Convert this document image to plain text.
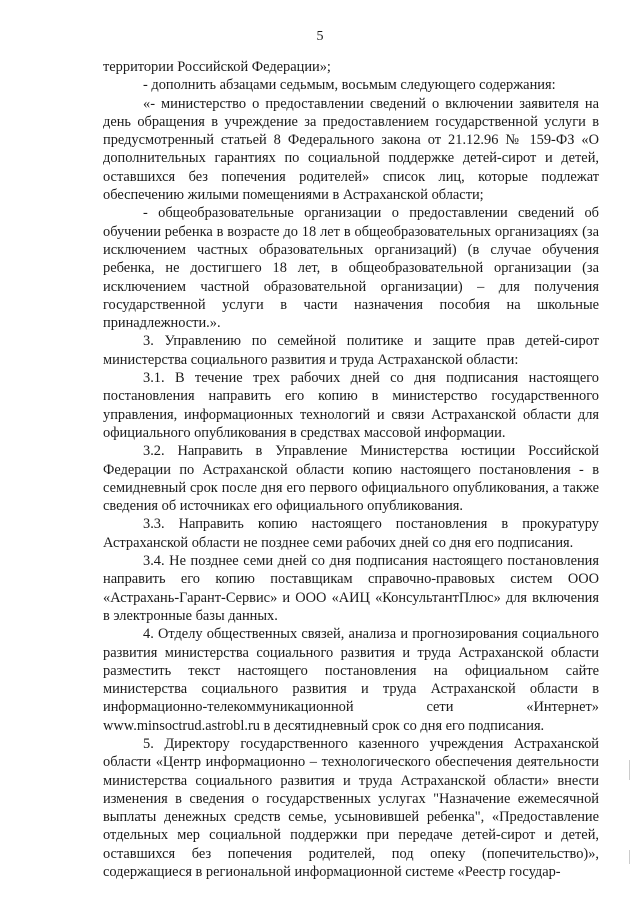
5

территории Российской Федерации»;

- дополнить абзацами седьмым, восьмым следующего содержания:

«- министерство о предоставлении сведений о включении заявителя на день обращения в учреждение за предоставлением государственной услуги в предусмотренный статьей 8 Федерального закона от 21.12.96 № 159-ФЗ «О дополнительных гарантиях по социальной поддержке детей-сирот и детей, оставшихся без попечения родителей» список лиц, которые подлежат обеспечению жилыми помещениями в Астраханской области;

- общеобразовательные организации о предоставлении сведений об обучении ребенка в возрасте до 18 лет в общеобразовательных организациях (за исключением частных образовательных организаций) (в случае обучения ребенка, не достигшего 18 лет, в общеобразовательной организации (за исключением частной образовательной организации) – для получения государственной услуги в части назначения пособия на школьные принадлежности.».

3. Управлению по семейной политике и защите прав детей-сирот министерства социального развития и труда Астраханской области:

3.1. В течение трех рабочих дней со дня подписания настоящего постановления направить его копию в министерство государственного управления, информационных технологий и связи Астраханской области для официального опубликования в средствах массовой информации.

3.2. Направить в Управление Министерства юстиции Российской Федерации по Астраханской области копию настоящего постановления - в семидневный срок после дня его первого официального опубликования, а также сведения об источниках его официального опубликования.

3.3. Направить копию настоящего постановления в прокуратуру Астраханской области не позднее семи рабочих дней со дня его подписания.

3.4. Не позднее семи дней со дня подписания настоящего постановления направить его копию поставщикам справочно-правовых систем ООО «Астрахань-Гарант-Сервис» и ООО «АИЦ «КонсультантПлюс» для включения в электронные базы данных.

4. Отделу общественных связей, анализа и прогнозирования социального развития министерства социального развития и труда Астраханской области разместить текст настоящего постановления на официальном сайте министерства социального развития и труда Астраханской области в информационно-телекоммуникационной сети «Интернет» www.minsoctrud.astrobl.ru в десятидневный срок со дня его подписания.

5. Директору государственного казенного учреждения Астраханской области «Центр информационно – технологического обеспечения деятельности министерства социального развития и труда Астраханской области» внести изменения в сведения о государственных услугах "Назначение ежемесячной выплаты денежных средств семье, усыновившей ребенка", «Предоставление отдельных мер социальной поддержки при передаче детей-сирот и детей, оставшихся без попечения родителей, под опеку (попечительство)», содержащиеся в региональной информационной системе «Реестр государ-
